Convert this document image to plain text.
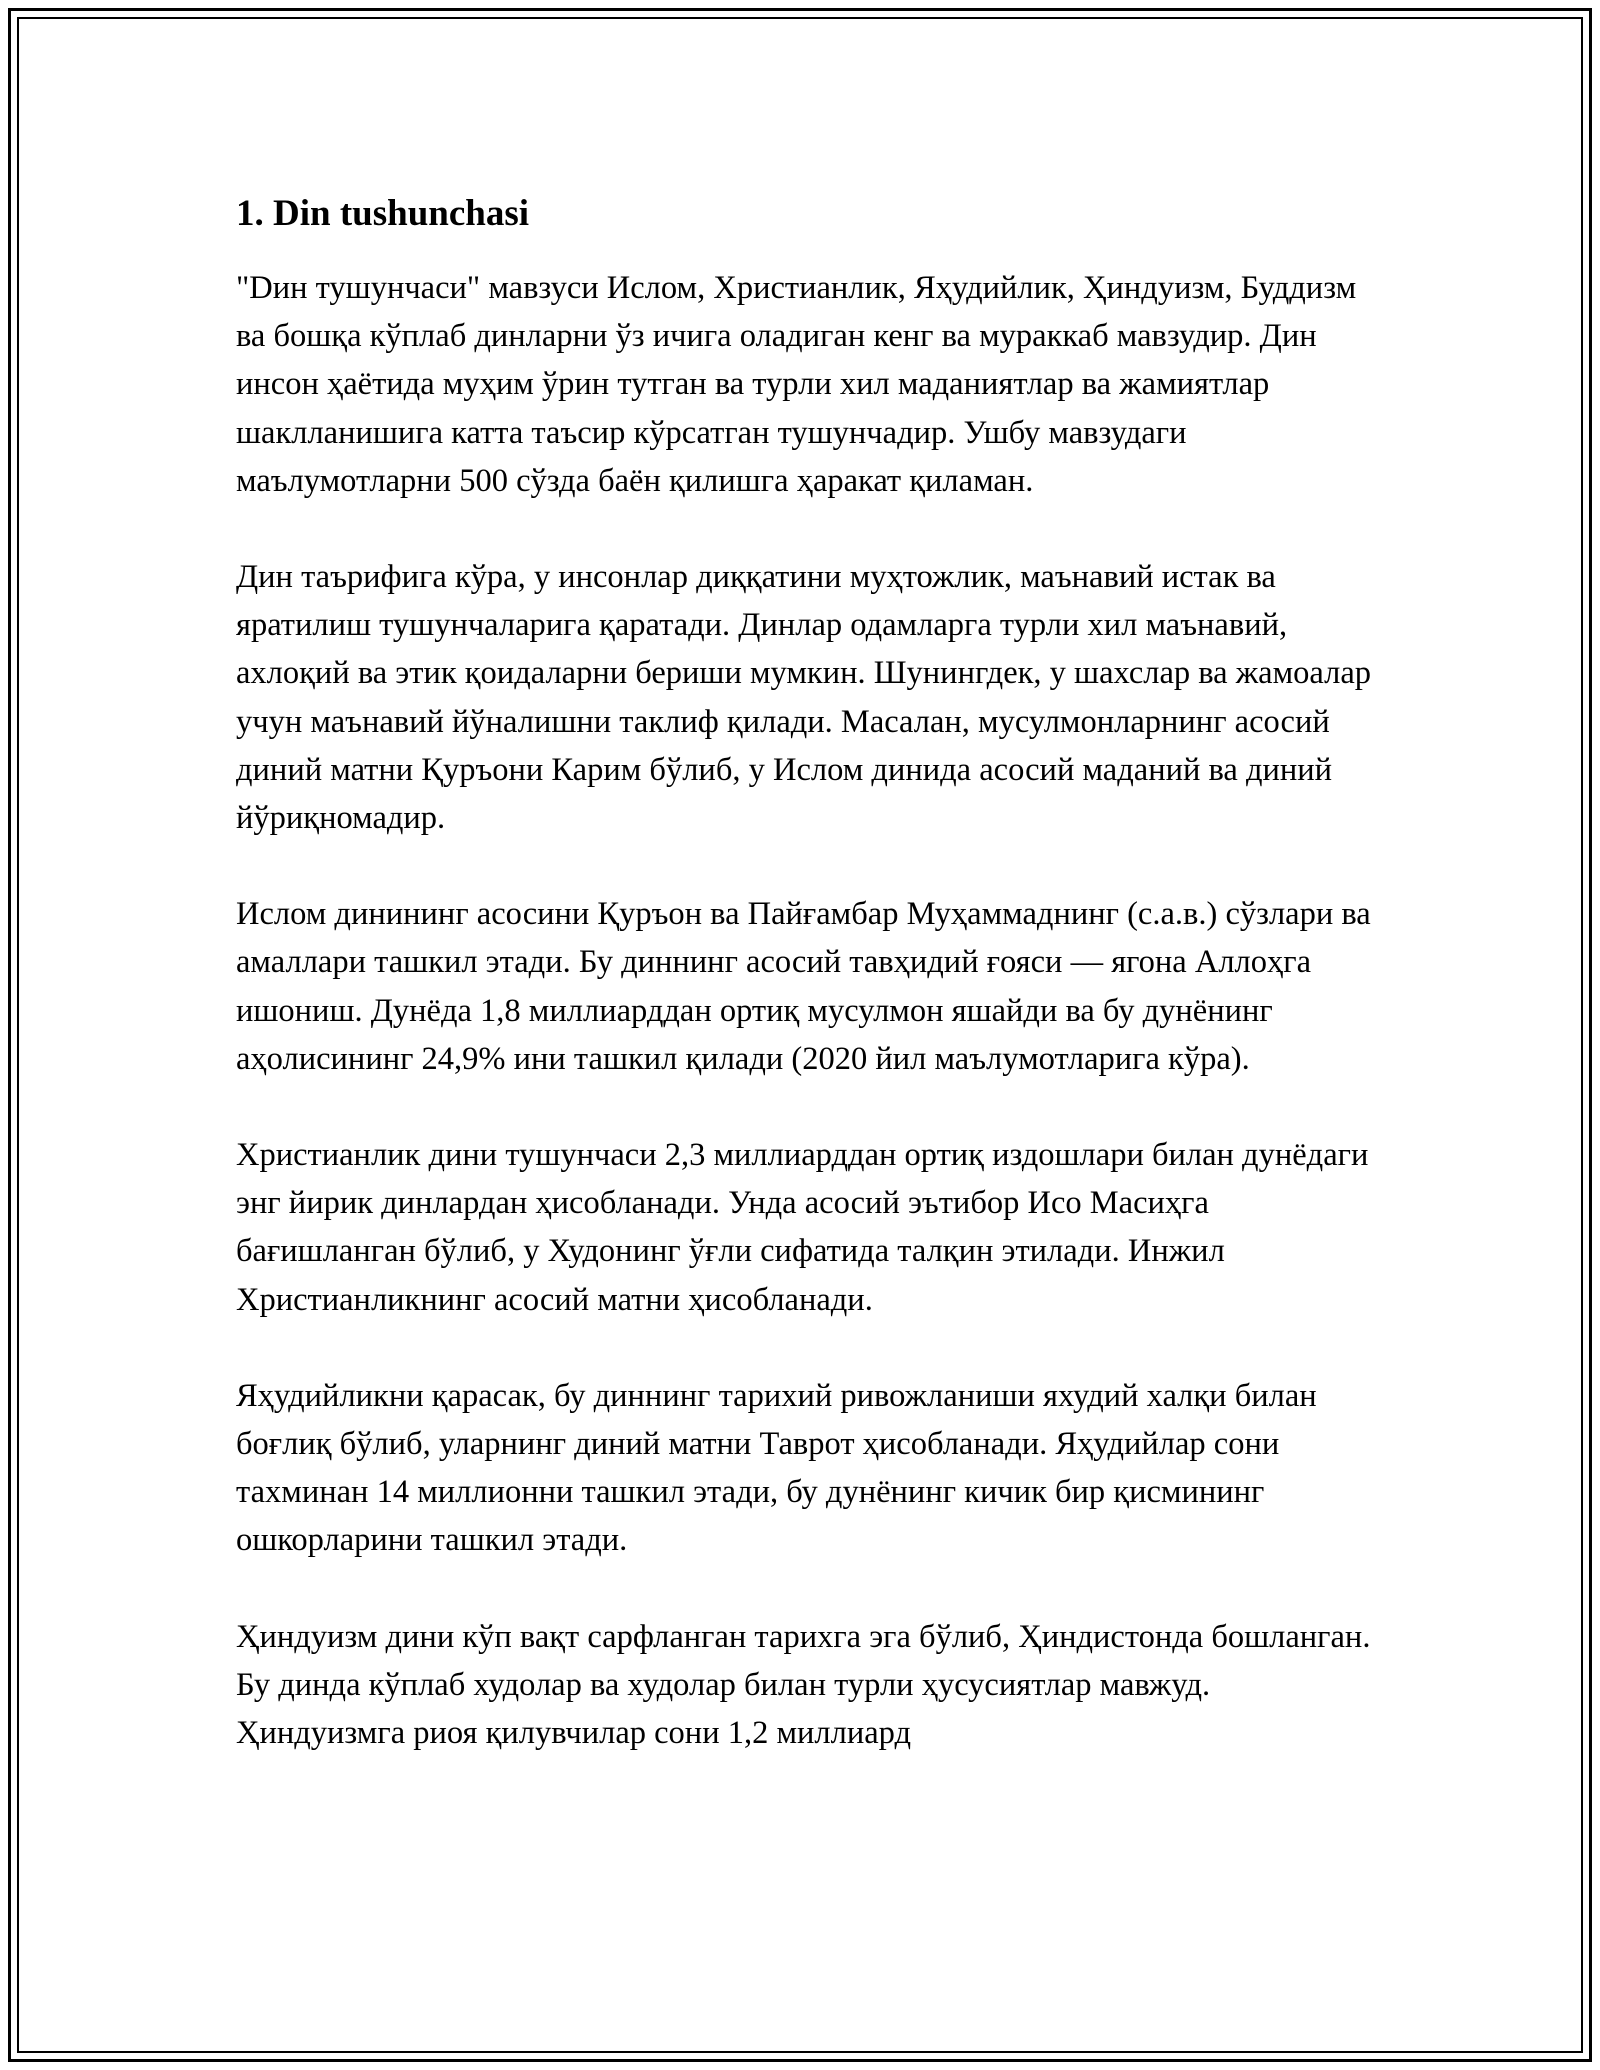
1. Din tushunchasi

"Dин тушунчаси" мавзуси Ислом, Христианлик, Яҳудийлик, Ҳиндуизм, Буддизм ва бошқа кўплаб динларни ўз ичига оладиган кенг ва мураккаб мавзудир. Дин инсон ҳаётида муҳим ўрин тутган ва турли хил маданиятлар ва жамиятлар шаклланишига катта таъсир кўрсатган тушунчадир. Ушбу мавзудаги маълумотларни 500 сўзда баён қилишга ҳаракат қиламан.

Дин таърифига кўра, у инсонлар диққатини муҳтожлик, маънавий истак ва яратилиш тушунчаларига қаратади. Динлар одамларга турли хил маънавий, ахлоқий ва этик қоидаларни бериши мумкин. Шунингдек, у шахслар ва жамоалар учун маънавий йўналишни таклиф қилади. Масалан, мусулмонларнинг асосий диний матни Қуръони Карим бўлиб, у Ислом динида асосий маданий ва диний йўриқномадир.

Ислом динининг асосини Қуръон ва Пайғамбар Муҳаммаднинг (с.а.в.) сўзлари ва амаллари ташкил этади. Бу диннинг асосий тавҳидий ғояси — ягона Аллоҳга ишониш. Дунёда 1,8 миллиарддан ортиқ мусулмон яшайди ва бу дунёнинг аҳолисининг 24,9% ини ташкил қилади (2020 йил маълумотларига кўра).

Христианлик дини тушунчаси 2,3 миллиарддан ортиқ издошлари билан дунёдаги энг йирик динлардан ҳисобланади. Унда асосий эътибор Исо Масиҳга бағишланган бўлиб, у Худонинг ўғли сифатида талқин этилади. Инжил Христианликнинг асосий матни ҳисобланади.

Яҳудийликни қарасак, бу диннинг тарихий ривожланиши яхудий халқи билан боғлиқ бўлиб, уларнинг диний матни Таврот ҳисобланади. Яҳудийлар сони тахминан 14 миллионни ташкил этади, бу дунёнинг кичик бир қисмининг ошкорларини ташкил этади.

Ҳиндуизм дини кўп вақт сарфланган тарихга эга бўлиб, Ҳиндистонда бошланган. Бу динда кўплаб худолар ва худолар билан турли ҳусусиятлар мавжуд. Ҳиндуизмга риоя қилувчилар сони 1,2 миллиард
